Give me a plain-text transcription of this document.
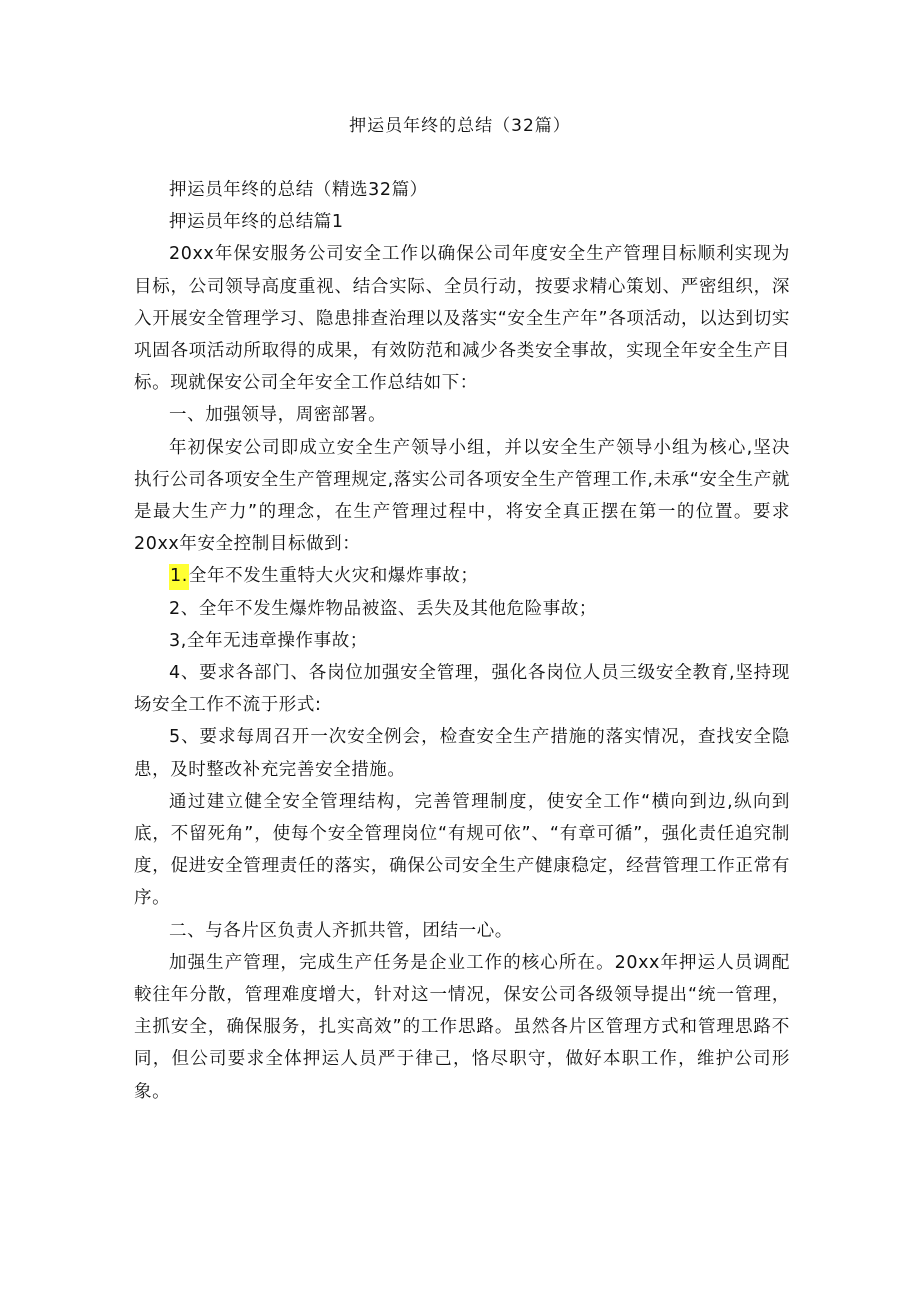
押运员年终的总结（32篇）

押运员年终的总结（精选32篇）

押运员年终的总结篇1

20xx年保安服务公司安全工作以确保公司年度安全生产管理目标顺利实现为目标，公司领导高度重视、结合实际、全员行动，按要求精心策划、严密组织，深入开展安全管理学习、隐患排查治理以及落实“安全生产年”各项活动，以达到切实巩固各项活动所取得的成果，有效防范和减少各类安全事故，实现全年安全生产目标。现就保安公司全年安全工作总结如下：

一、加强领导，周密部署。

年初保安公司即成立安全生产领导小组，并以安全生产领导小组为核心,坚决执行公司各项安全生产管理规定,落实公司各项安全生产管理工作,未承“安全生产就是最大生产力”的理念，在生产管理过程中，将安全真正摆在第一的位置。要求20xx年安全控制目标做到：

1.全年不发生重特大火灾和爆炸事故；

2、全年不发生爆炸物品被盗、丢失及其他危险事故；

3,全年无违章操作事故；

4、要求各部门、各岗位加强安全管理，强化各岗位人员三级安全教育,坚持现场安全工作不流于形式:

5、要求每周召开一次安全例会，检查安全生产措施的落实情况，查找安全隐患，及时整改补充完善安全措施。

通过建立健全安全管理结构，完善管理制度，使安全工作“横向到边,纵向到底，不留死角”，使每个安全管理岗位“有规可依”、“有章可循”，强化责任追究制度，促进安全管理责任的落实，确保公司安全生产健康稳定，经营管理工作正常有序。

二、与各片区负责人齐抓共管，团结一心。

加强生产管理，完成生产任务是企业工作的核心所在。20xx年押运人员调配較往年分散，管理难度增大，针对这一情况，保安公司各级领导提出“统一管理，主抓安全，确保服务，扎实高效”的工作思路。虽然各片区管理方式和管理思路不同，但公司要求全体押运人员严于律己，恪尽职守，做好本职工作，维护公司形象。
